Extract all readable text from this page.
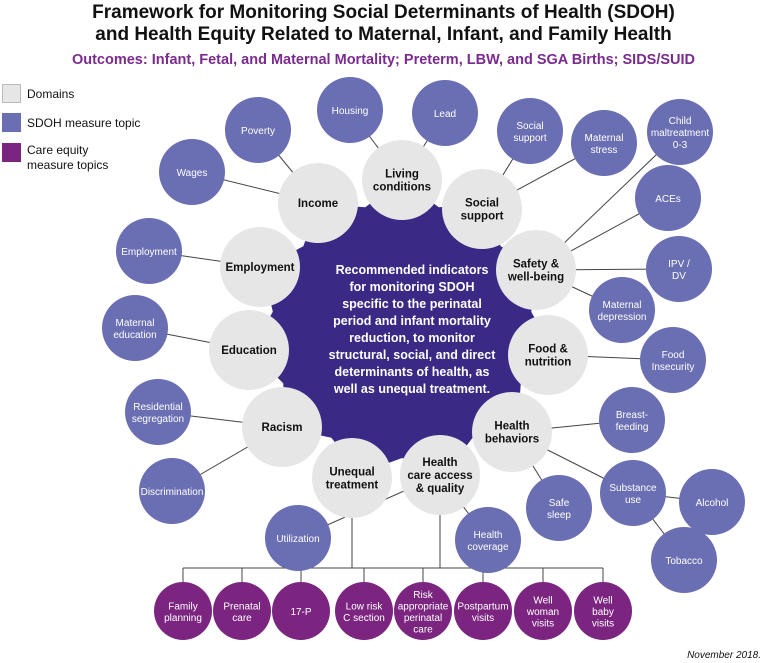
Framework for Monitoring Social Determinants of Health (SDOH)
and Health Equity Related to Maternal, Infant, and Family Health
Outcomes: Infant, Fetal, and Maternal Mortality; Preterm, LBW, and SGA Births; SIDS/SUID
Domains
SDOH measure topic
Care equity
measure topics
Recommended indicators for monitoring SDOH specific to the perinatal period and infant mortality reduction, to monitor structural, social, and direct determinants of health, as well as unequal treatment.
Income
Living conditions
Social support
Safety & well-being
Food & nutrition
Health behaviors
Health care access & quality
Unequal treatment
Racism
Education
Employment
Poverty
Housing	Lead
Wages
Social support	Maternal stress
Child maltreatment 0-3
ACEs
IPV / DV
Maternal depression
Food Insecurity
Breast-feeding
Substance use	Alcohol
Tobacco
Safe sleep
Employment
Maternal education
Residential segregation
Discrimination
Utilization	Health coverage
Family planning
Prenatal care
17-P
Low risk C section
Risk appropriate perinatal care
Postpartum visits
Well woman visits
Well baby visits
November 2018.
